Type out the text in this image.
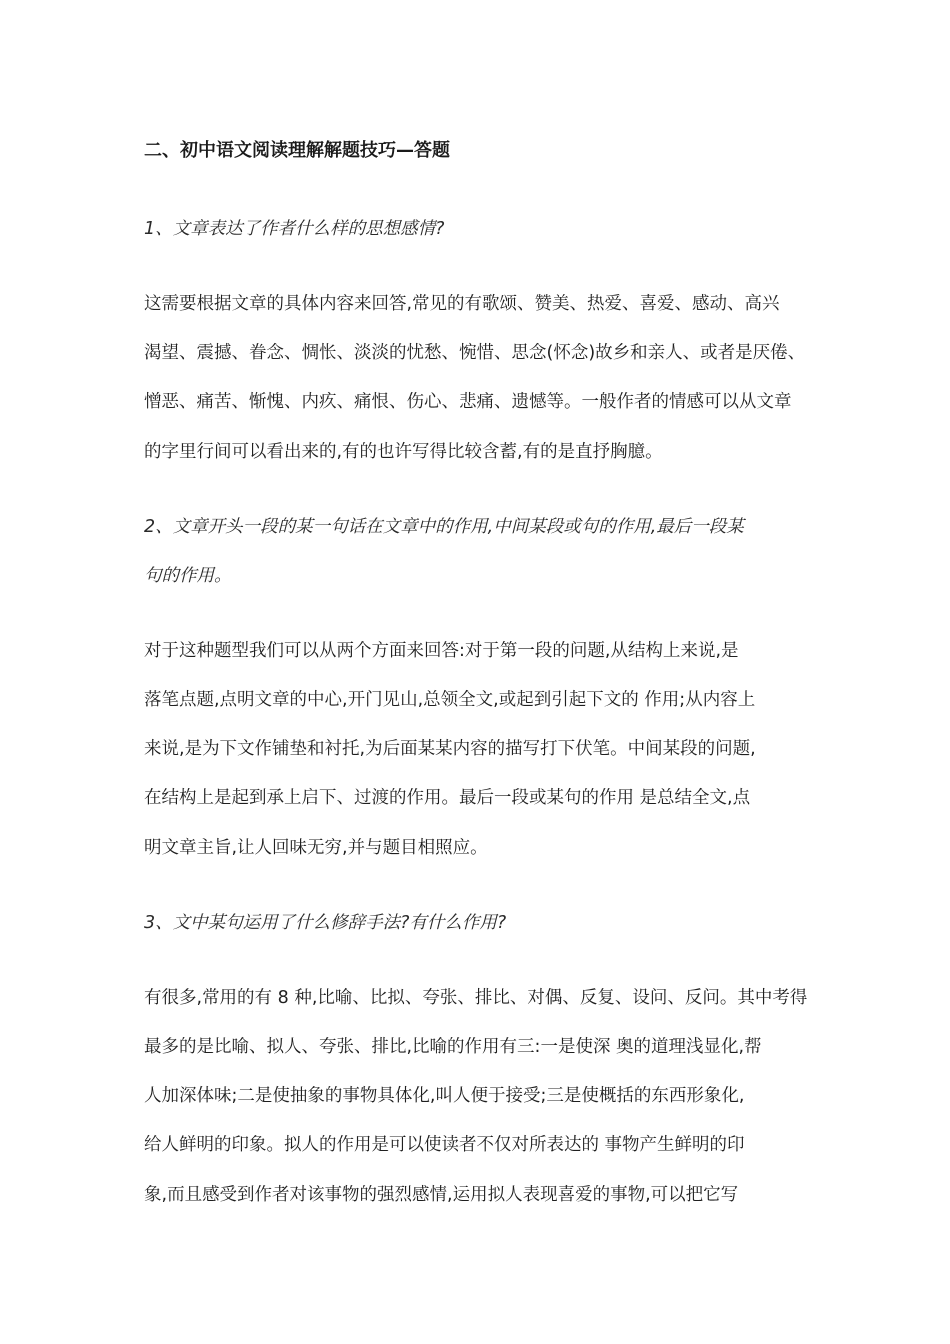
二、初中语文阅读理解解题技巧—答题
1、文章表达了作者什么样的思想感情?
这需要根据文章的具体内容来回答,常见的有歌颂、赞美、热爱、喜爱、感动、高兴
渴望、震撼、眷念、惆怅、淡淡的忧愁、惋惜、思念(怀念)故乡和亲人、或者是厌倦、
憎恶、痛苦、惭愧、内疚、痛恨、伤心、悲痛、遗憾等。一般作者的情感可以从文章
的字里行间可以看出来的,有的也许写得比较含蓄,有的是直抒胸臆。
2、文章开头一段的某一句话在文章中的作用,中间某段或句的作用,最后一段某
句的作用。
对于这种题型我们可以从两个方面来回答:对于第一段的问题,从结构上来说,是
落笔点题,点明文章的中心,开门见山,总领全文,或起到引起下文的 作用;从内容上
来说,是为下文作铺垫和衬托,为后面某某内容的描写打下伏笔。中间某段的问题,
在结构上是起到承上启下、过渡的作用。最后一段或某句的作用 是总结全文,点
明文章主旨,让人回味无穷,并与题目相照应。
3、文中某句运用了什么修辞手法?有什么作用?
有很多,常用的有 8 种,比喻、比拟、夸张、排比、对偶、反复、设问、反问。其中考得
最多的是比喻、拟人、夸张、排比,比喻的作用有三:一是使深 奥的道理浅显化,帮
人加深体味;二是使抽象的事物具体化,叫人便于接受;三是使概括的东西形象化,
给人鲜明的印象。拟人的作用是可以使读者不仅对所表达的 事物产生鲜明的印
象,而且感受到作者对该事物的强烈感情,运用拟人表现喜爱的事物,可以把它写
